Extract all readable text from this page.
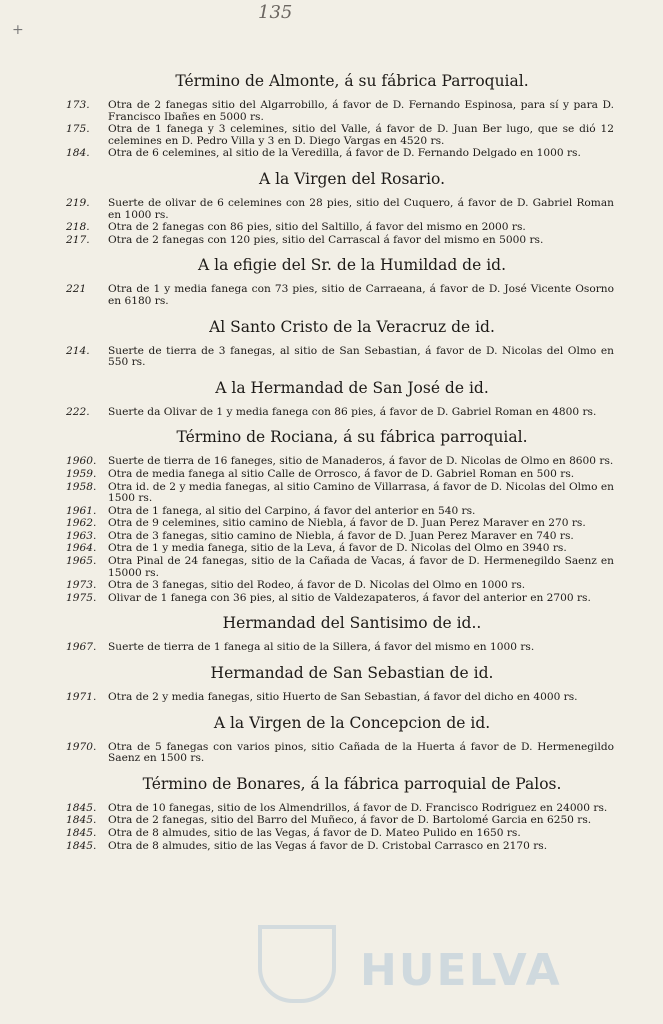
+
135
Término de Almonte, á su fábrica Parroquial.
173.	Otra de 2 fanegas sitio del Algarrobillo, á favor de D. Fernando Espinosa, para sí y para D. Francisco Ibañes en 5000 rs.
175.	Otra de 1 fanega y 3 celemines, sitio del Valle, á favor de D. Juan Ber lugo, que se dió 12 celemines en D. Pedro Villa y 3 en D. Diego Vargas en 4520 rs.
184.	Otra de 6 celemines, al sitio de la Veredilla, á favor de D. Fernando Delgado en 1000 rs.
A la Virgen del Rosario.
219.	Suerte de olivar de 6 celemines con 28 pies, sitio del Cuquero, á favor de D. Gabriel Roman en 1000 rs.
218.	Otra de 2 fanegas con 86 pies, sitio del Saltillo, á favor del mismo en 2000 rs.
217.	Otra de 2 fanegas con 120 pies, sitio del Carrascal á favor del mismo en 5000 rs.
A la efigie del Sr. de la Humildad de id.
221	Otra de 1 y media fanega con 73 pies, sitio de Carraeana, á favor de D. José Vicente Osorno en 6180 rs.
Al Santo Cristo de la Veracruz de id.
214.	Suerte de tierra de 3 fanegas, al sitio de San Sebastian, á favor de D. Nicolas del Olmo en 550 rs.
A la Hermandad de San José de id.
222.	Suerte da Olivar de 1 y media fanega con 86 pies, á favor de D. Gabriel Roman en 4800 rs.
Término de Rociana, á su fábrica parroquial.
1960.	Suerte de tierra de 16 faneges, sitio de Manaderos, á favor de D. Nicolas de Olmo en 8600 rs.
1959.	Otra de media fanega al sitio Calle de Orrosco, á favor de D. Gabriel Roman en 500 rs.
1958.	Otra id. de 2 y media fanegas, al sitio Camino de Villarrasa, á favor de D. Nicolas del Olmo en 1500 rs.
1961.	Otra de 1 fanega, al sitio del Carpino, á favor del anterior en 540 rs.
1962.	Otra de 9 celemines, sitio camino de Niebla, á favor de D. Juan Perez Maraver en 270 rs.
1963.	Otra de 3 fanegas, sitio camino de Niebla, á favor de D. Juan Perez Maraver en 740 rs.
1964.	Otra de 1 y media fanega, sitio de la Leva, á favor de D. Nicolas del Olmo en 3940 rs.
1965.	Otra Pinal de 24 fanegas, sitio de la Cañada de Vacas, á favor de D. Hermenegildo Saenz en 15000 rs.
1973.	Otra de 3 fanegas, sitio del Rodeo, á favor de D. Nicolas del Olmo en 1000 rs.
1975.	Olivar de 1 fanega con 36 pies, al sitio de Valdezapateros, á favor del anterior en 2700 rs.
Hermandad del Santisimo de id..
1967.	Suerte de tierra de 1 fanega al sitio de la Sillera, á favor del mismo en 1000 rs.
Hermandad de San Sebastian de id.
1971.	Otra de 2 y media fanegas, sitio Huerto de San Sebastian, á favor del dicho en 4000 rs.
A la Virgen de la Concepcion de id.
1970.	Otra de 5 fanegas con varios pinos, sitio Cañada de la Huerta á favor de D. Hermenegildo Saenz en 1500 rs.
Término de Bonares, á la fábrica parroquial de Palos.
1845.	Otra de 10 fanegas, sitio de los Almendrillos, á favor de D. Francisco Rodriguez en 24000 rs.
1845.	Otra de 2 fanegas, sitio del Barro del Muñeco, á favor de D. Bartolomé Garcia en 6250 rs.
1845.	Otra de 8 almudes, sitio de las Vegas, á favor de D. Mateo Pulido en 1650 rs.
1845.	Otra de 8 almudes, sitio de las Vegas á favor de D. Cristobal Carrasco en 2170 rs.
HUELVA
